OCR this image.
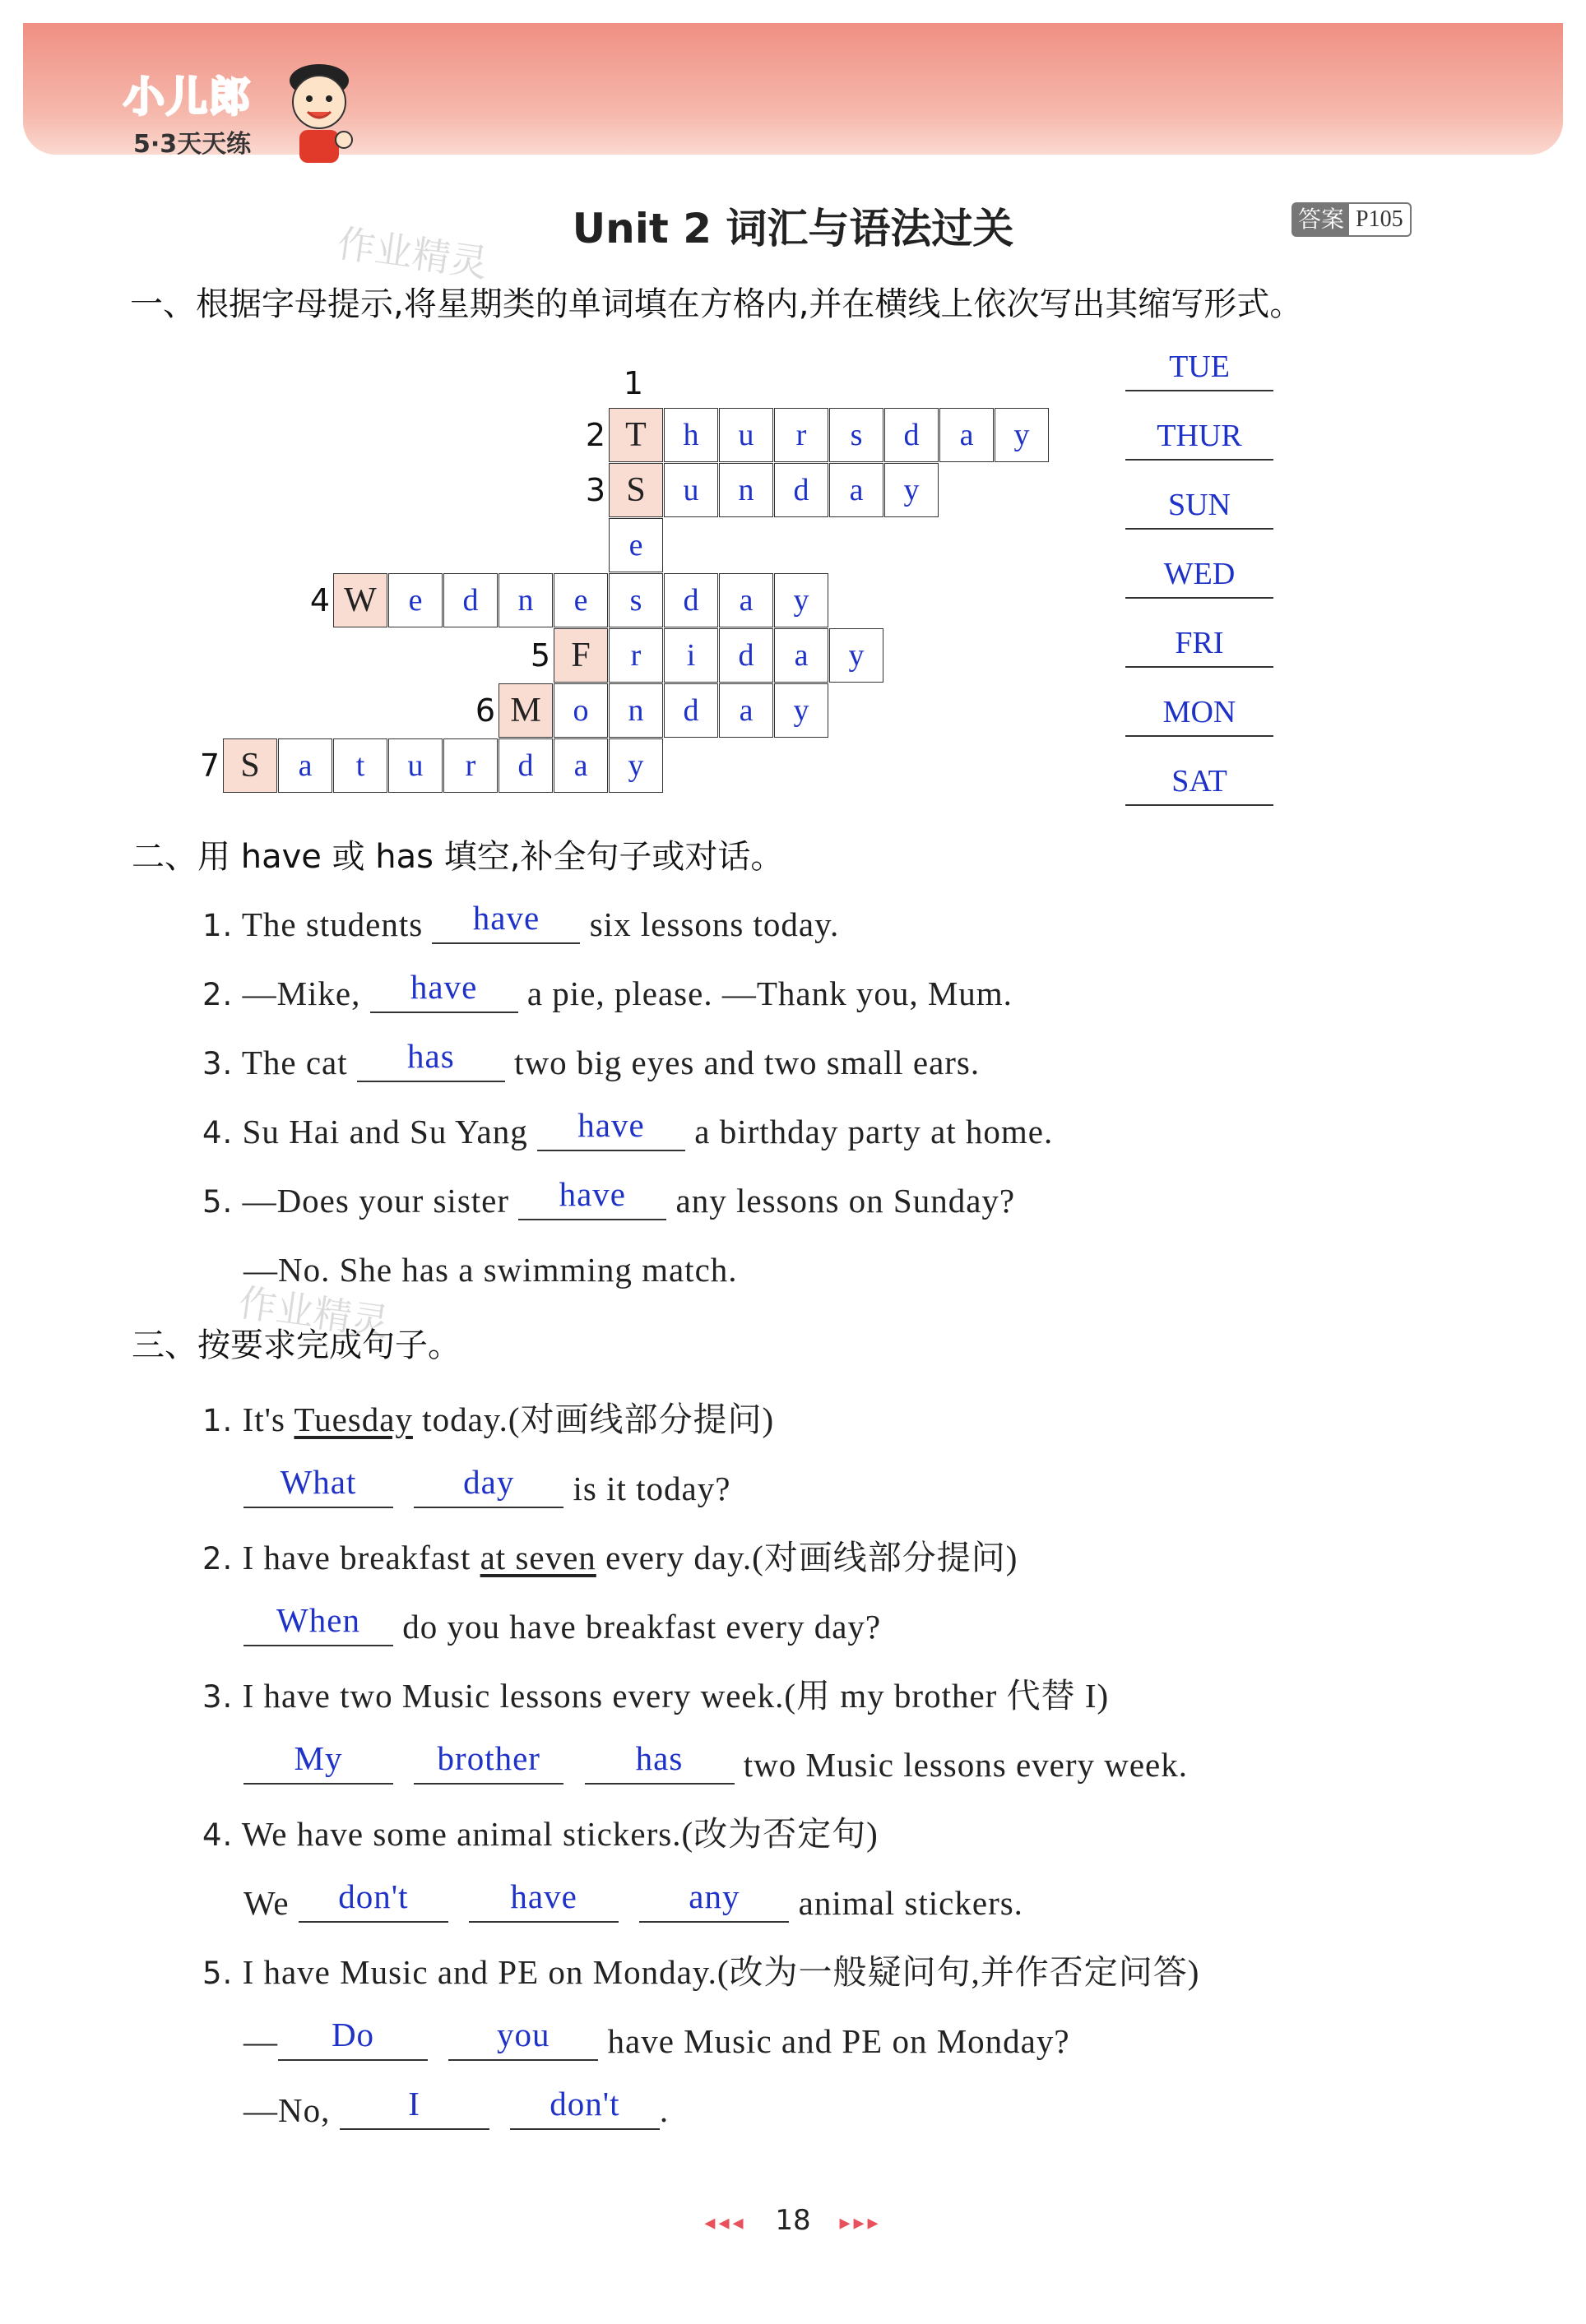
小儿郎
5·3天天练
Unit 2 词汇与语法过关	答案 P105
作业精灵
作业精灵
一、根据字母提示,将星期类的单词填在方格内,并在横线上依次写出其缩写形式。
1
T	h	u	r	s	d	a	y
2
S	u	n	d	a	y
3
e
W	e	d	n	e	s	d	a	y
4
F	r	i	d	a	y
5
M	o	n	d	a	y
6
S	a	t	u	r	d	a	y
7
TUE
THUR
SUN
WED
FRI
MON
SAT
二、用 have 或 has 填空,补全句子或对话。
1. The students have six lessons today.
2. —Mike, have a pie, please. —Thank you, Mum.
3. The cat has two big eyes and two small ears.
4. Su Hai and Su Yang have a birthday party at home.
5. —Does your sister have any lessons on Sunday?
—No. She has a swimming match.
三、按要求完成句子。
1. It's Tuesday today.(对画线部分提问)
What	day is it today?
2. I have breakfast at seven every day.(对画线部分提问)
When do you have breakfast every day?
3. I have two Music lessons every week.(用 my brother 代替 I)
My	brother	has two Music lessons every week.
4. We have some animal stickers.(改为否定句)
We don't	have	any animal stickers.
5. I have Music and PE on Monday.(改为一般疑问句,并作否定问答)
— Do	you have Music and PE on Monday?
—No, I	don't .
◂◂◂ 18 ▸▸▸
